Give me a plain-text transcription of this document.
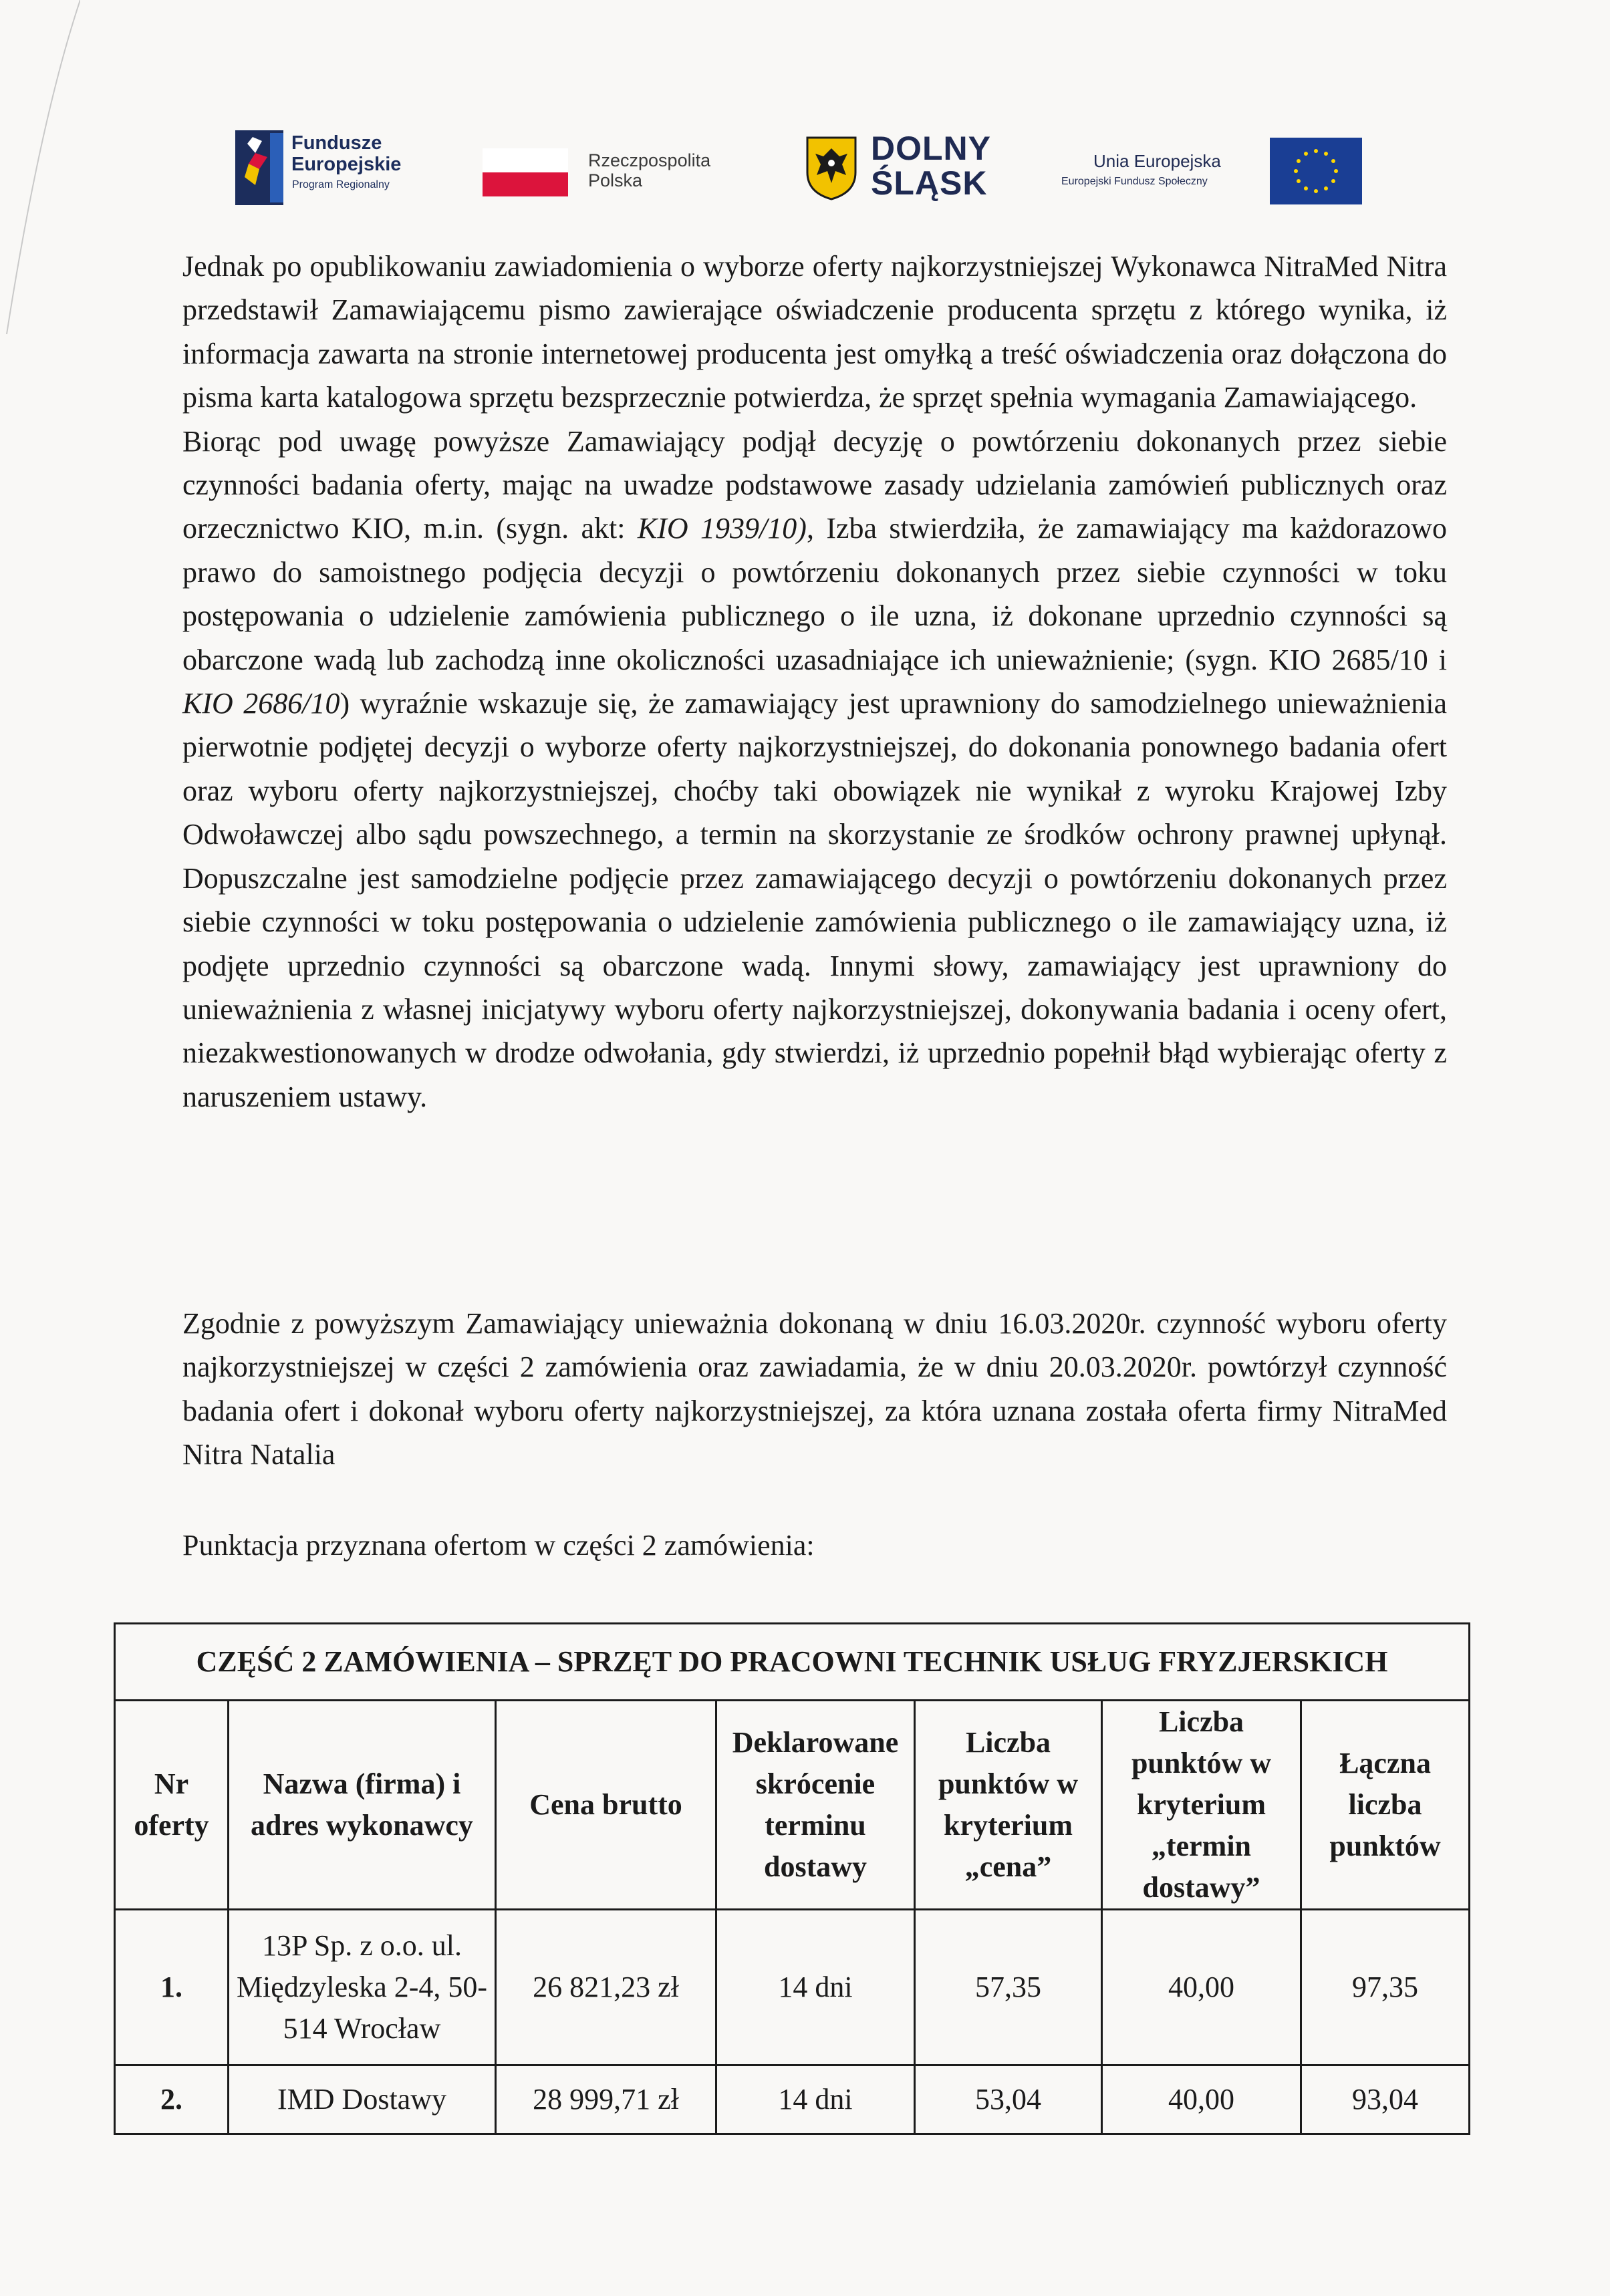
Fundusze
Europejskie
Program Regionalny
Rzeczpospolita
Polska
DOLNY
ŚLĄSK
Unia Europejska
Europejski Fundusz Społeczny

Jednak po opublikowaniu zawiadomienia o wyborze oferty najkorzystniejszej Wykonawca NitraMed Nitra przedstawił Zamawiającemu pismo zawierające oświadczenie producenta sprzętu z którego wynika, iż informacja zawarta na stronie internetowej producenta jest omyłką a treść oświadczenia oraz dołączona do pisma karta katalogowa sprzętu bezsprzecznie potwierdza, że sprzęt spełnia wymagania Zamawiającego.

Biorąc pod uwagę powyższe Zamawiający podjął decyzję o powtórzeniu dokonanych przez siebie czynności badania oferty, mając na uwadze podstawowe zasady udzielania zamówień publicznych oraz orzecznictwo KIO, m.in. (sygn. akt: KIO 1939/10), Izba stwierdziła, że zamawiający ma każdorazowo prawo do samoistnego podjęcia decyzji o powtórzeniu dokonanych przez siebie czynności w toku postępowania o udzielenie zamówienia publicznego o ile uzna, iż dokonane uprzednio czynności są obarczone wadą lub zachodzą inne okoliczności uzasadniające ich unieważnienie; (sygn. KIO 2685/10 i KIO 2686/10) wyraźnie wskazuje się, że zamawiający jest uprawniony do samodzielnego unieważnienia pierwotnie podjętej decyzji o wyborze oferty najkorzystniejszej, do dokonania ponownego badania ofert oraz wyboru oferty najkorzystniejszej, choćby taki obowiązek nie wynikał z wyroku Krajowej Izby Odwoławczej albo sądu powszechnego, a termin na skorzystanie ze środków ochrony prawnej upłynął. Dopuszczalne jest samodzielne podjęcie przez zamawiającego decyzji o powtórzeniu dokonanych przez siebie czynności w toku postępowania o udzielenie zamówienia publicznego o ile zamawiający uzna, iż podjęte uprzednio czynności są obarczone wadą. Innymi słowy, zamawiający jest uprawniony do unieważnienia z własnej inicjatywy wyboru oferty najkorzystniejszej, dokonywania badania i oceny ofert, niezakwestionowanych w drodze odwołania, gdy stwierdzi, iż uprzednio popełnił błąd wybierając oferty z naruszeniem ustawy.

Zgodnie z powyższym Zamawiający unieważnia dokonaną w dniu 16.03.2020r. czynność wyboru oferty najkorzystniejszej w części 2 zamówienia oraz zawiadamia, że w dniu 20.03.2020r. powtórzył czynność badania ofert i dokonał wyboru oferty najkorzystniejszej, za która uznana została oferta firmy NitraMed Nitra Natalia

Punktacja przyznana ofertom w części 2 zamówienia:

CZĘŚĆ 2 ZAMÓWIENIA – SPRZĘT DO PRACOWNI TECHNIK USŁUG FRYZJERSKICH						
Nr oferty	Nazwa (firma) i adres wykonawcy	Cena brutto	Deklarowane skrócenie terminu dostawy	Liczba punktów w kryterium „cena”	Liczba punktów w kryterium „termin dostawy”	Łączna liczba punktów
1.	13P Sp. z o.o. ul. Międzyleska 2-4, 50-514 Wrocław	26 821,23 zł	14 dni	57,35	40,00	97,35
2.	IMD Dostawy	28 999,71 zł	14 dni	53,04	40,00	93,04
